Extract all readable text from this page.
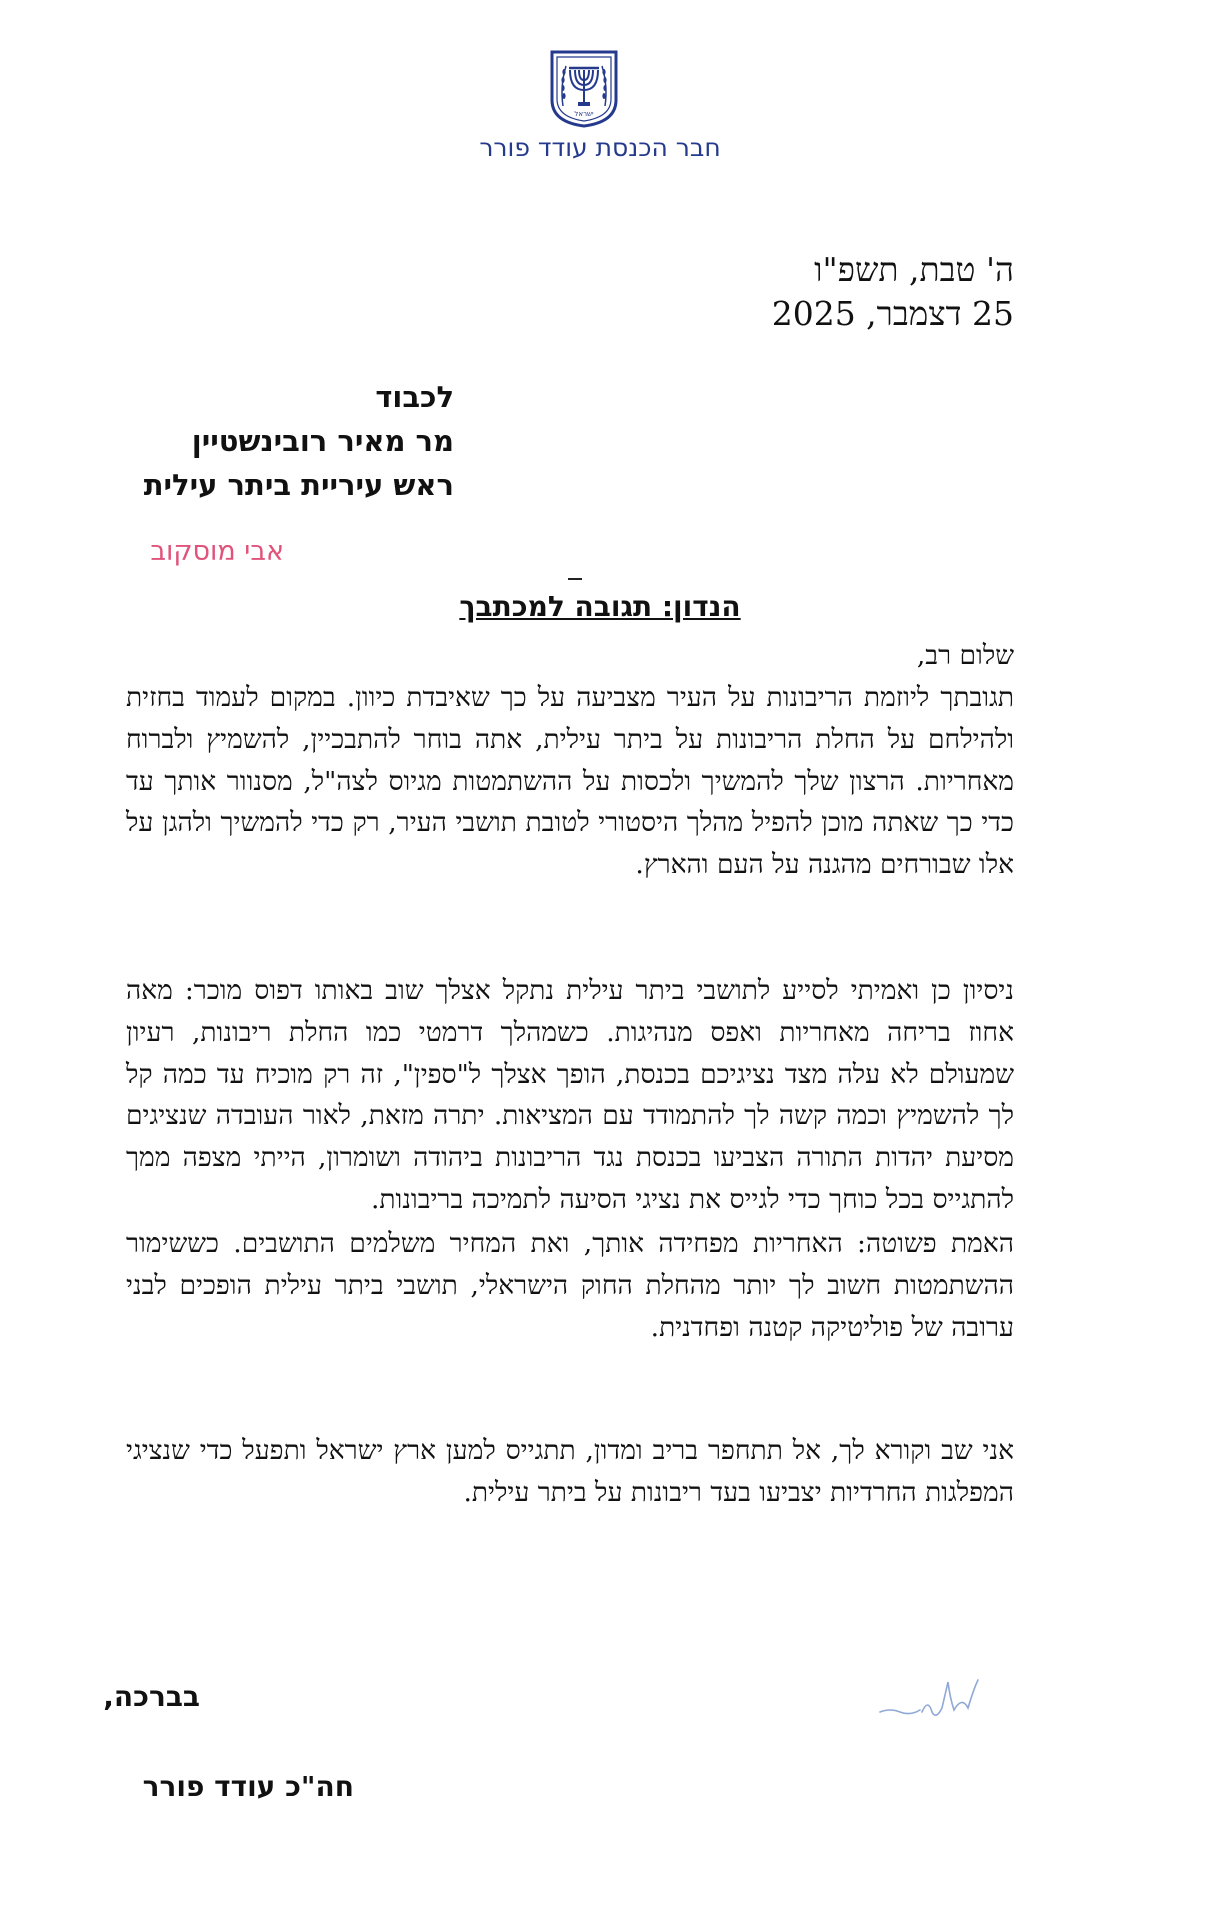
ישראל
חבר הכנסת עודד פורר
ה' טבת, תשפ"ו
25 דצמבר, 2025
לכבוד
מר מאיר רובינשטיין
ראש עיריית ביתר עילית
אבי מוסקוב
הנדון: תגובה למכתבך
שלום רב,

תגובתך ליוזמת הריבונות על העיר מצביעה על כך שאיבדת כיוון. במקום לעמוד בחזית ולהילחם על החלת הריבונות על ביתר עילית, אתה בוחר להתבכיין, להשמיץ ולברוח מאחריות. הרצון שלך להמשיך ולכסות על ההשתמטות מגיוס לצה"ל, מסנוור אותך עד כדי כך שאתה מוכן להפיל מהלך היסטורי לטובת תושבי העיר, רק כדי להמשיך ולהגן על אלו שבורחים מהגנה על העם והארץ.

ניסיון כן ואמיתי לסייע לתושבי ביתר עילית נתקל אצלך שוב באותו דפוס מוכר: מאה אחוז בריחה מאחריות ואפס מנהיגות. כשמהלך דרמטי כמו החלת ריבונות, רעיון שמעולם לא עלה מצד נציגיכם בכנסת, הופך אצלך ל"ספין", זה רק מוכיח עד כמה קל לך להשמיץ וכמה קשה לך להתמודד עם המציאות. יתרה מזאת, לאור העובדה שנציגים מסיעת יהדות התורה הצביעו בכנסת נגד הריבונות ביהודה ושומרון, הייתי מצפה ממך להתגייס בכל כוחך כדי לגייס את נציגי הסיעה לתמיכה בריבונות.

האמת פשוטה: האחריות מפחידה אותך, ואת המחיר משלמים התושבים. כששימור ההשתמטות חשוב לך יותר מהחלת החוק הישראלי, תושבי ביתר עילית הופכים לבני ערובה של פוליטיקה קטנה ופחדנית.

אני שב וקורא לך, אל תתחפר בריב ומדון, תתגייס למען ארץ ישראל ותפעל כדי שנציגי המפלגות החרדיות יצביעו בעד ריבונות על ביתר עילית.

בברכה,
חה"כ עודד פורר
